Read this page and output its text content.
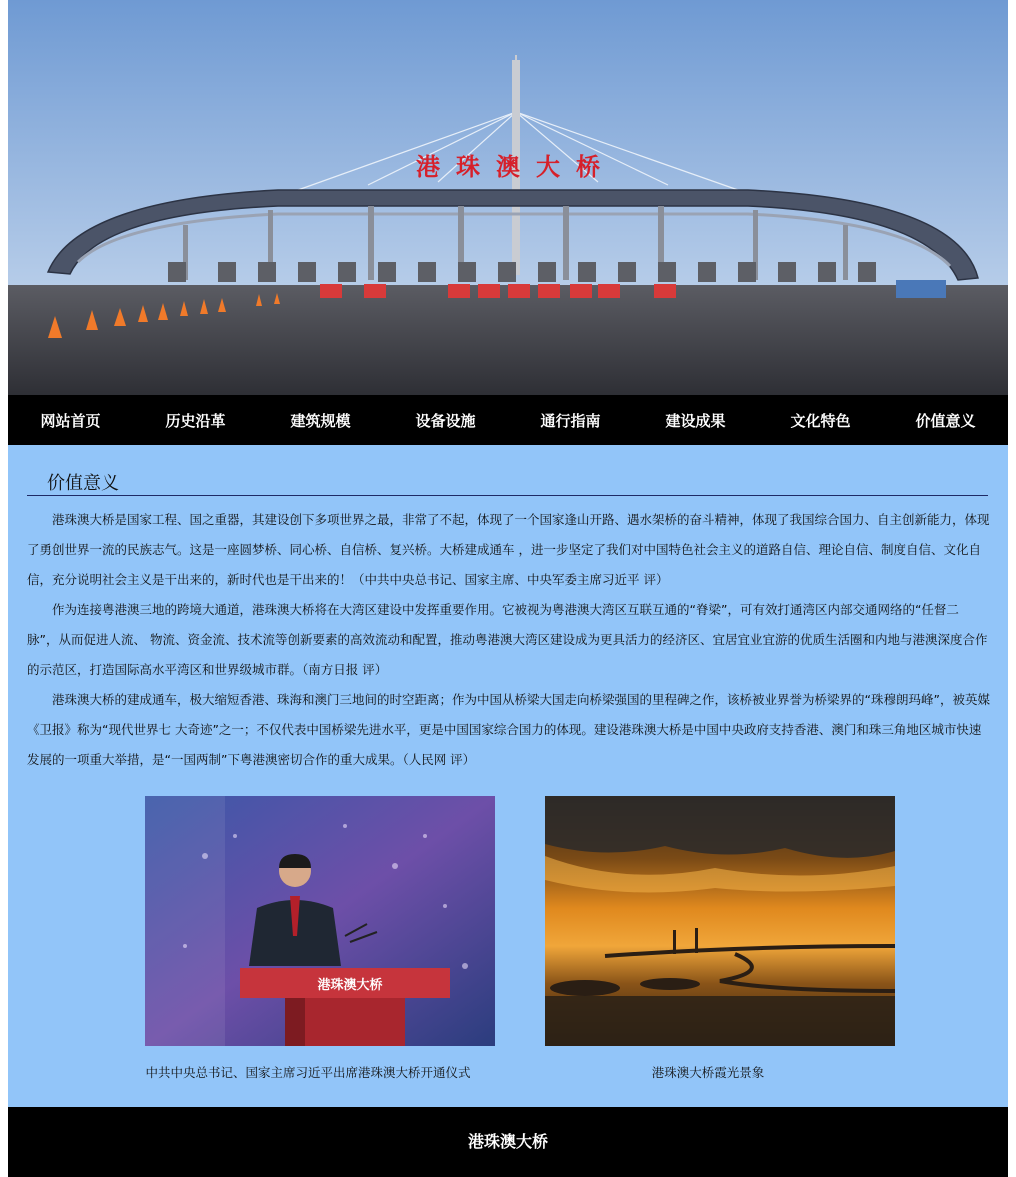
港珠澳大桥
网站首页	历史沿革	建筑规模	设备设施	通行指南	建设成果	文化特色	价值意义
价值意义

港珠澳大桥是国家工程、国之重器，其建设创下多项世界之最，非常了不起，体现了一个国家逢山开路、遇水架桥的奋斗精神，体现了我国综合国力、自主创新能力，体现了勇创世界一流的民族志气。这是一座圆梦桥、同心桥、自信桥、复兴桥。大桥建成通车 ，进一步坚定了我们对中国特色社会主义的道路自信、理论自信、制度自信、文化自信，充分说明社会主义是干出来的，新时代也是干出来的！（中共中央总书记、国家主席、中央军委主席习近平 评）

作为连接粤港澳三地的跨境大通道，港珠澳大桥将在大湾区建设中发挥重要作用。它被视为粤港澳大湾区互联互通的“脊梁”，可有效打通湾区内部交通网络的“任督二脉”，从而促进人流、 物流、资金流、技术流等创新要素的高效流动和配置，推动粤港澳大湾区建设成为更具活力的经济区、宜居宜业宜游的优质生活圈和内地与港澳深度合作的示范区，打造国际高水平湾区和世界级城市群。（南方日报 评）

港珠澳大桥的建成通车，极大缩短香港、珠海和澳门三地间的时空距离；作为中国从桥梁大国走向桥梁强国的里程碑之作，该桥被业界誉为桥梁界的“珠穆朗玛峰”，被英媒《卫报》称为“现代世界七 大奇迹”之一；不仅代表中国桥梁先进水平，更是中国国家综合国力的体现。建设港珠澳大桥是中国中央政府支持香港、澳门和珠三角地区城市快速发展的一项重大举措，是“一国两制”下粤港澳密切合作的重大成果。（人民网 评）

港珠澳大桥
中共中央总书记、国家主席习近平出席港珠澳大桥开通仪式	港珠澳大桥霞光景象
港珠澳大桥
